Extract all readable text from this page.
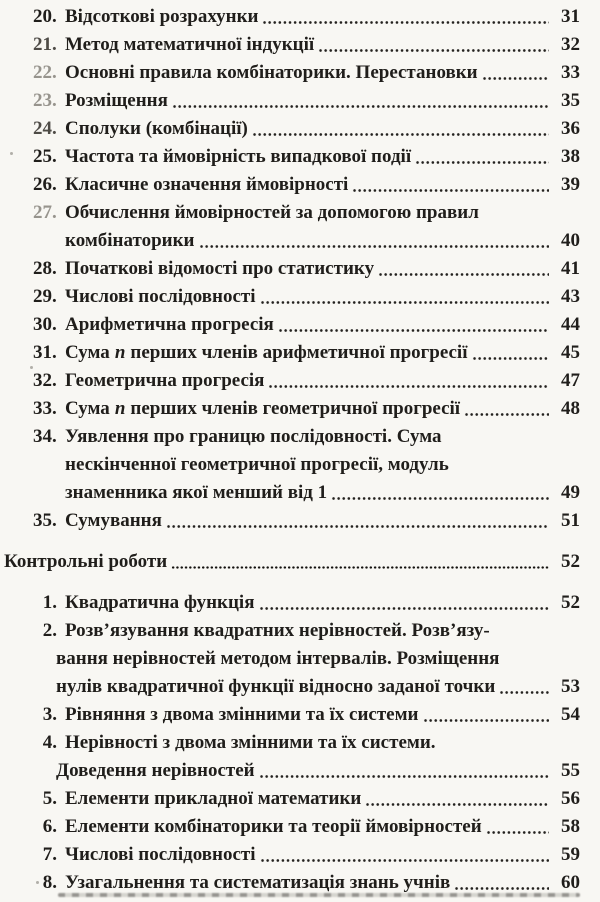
20. Відсоткові розрахунки	31
21. Метод математичної індукції	32
22. Основні правила комбінаторики. Перестановки	33
23. Розміщення	35
24. Сполуки (комбінації)	36
25. Частота та ймовірність випадкової події	38
26. Класичне означення ймовірності	39
27. Обчислення ймовірностей за допомогою правил
комбінаторики	40
28. Початкові відомості про статистику	41
29. Числові послідовності	43
30. Арифметична прогресія	44
31. Сума n перших членів арифметичної прогресії	45
32. Геометрична прогресія	47
33. Сума n перших членів геометричної прогресії	48
34. Уявлення про границю послідовності. Сума
нескінченної геометричної прогресії, модуль
знаменника якої менший від 1	49
35. Сумування	51
Контрольні роботи	52
1. Квадратична функція	52
2. Розв’язування квадратних нерівностей. Розв’язу-
вання нерівностей методом інтервалів. Розміщення
нулів квадратичної функції відносно заданої точки	53
3. Рівняння з двома змінними та їх системи	54
4. Нерівності з двома змінними та їх системи.
Доведення нерівностей	55
5. Елементи прикладної математики	56
6. Елементи комбінаторики та теорії ймовірностей	58
7. Числові послідовності	59
8. Узагальнення та систематизація знань учнів	60
